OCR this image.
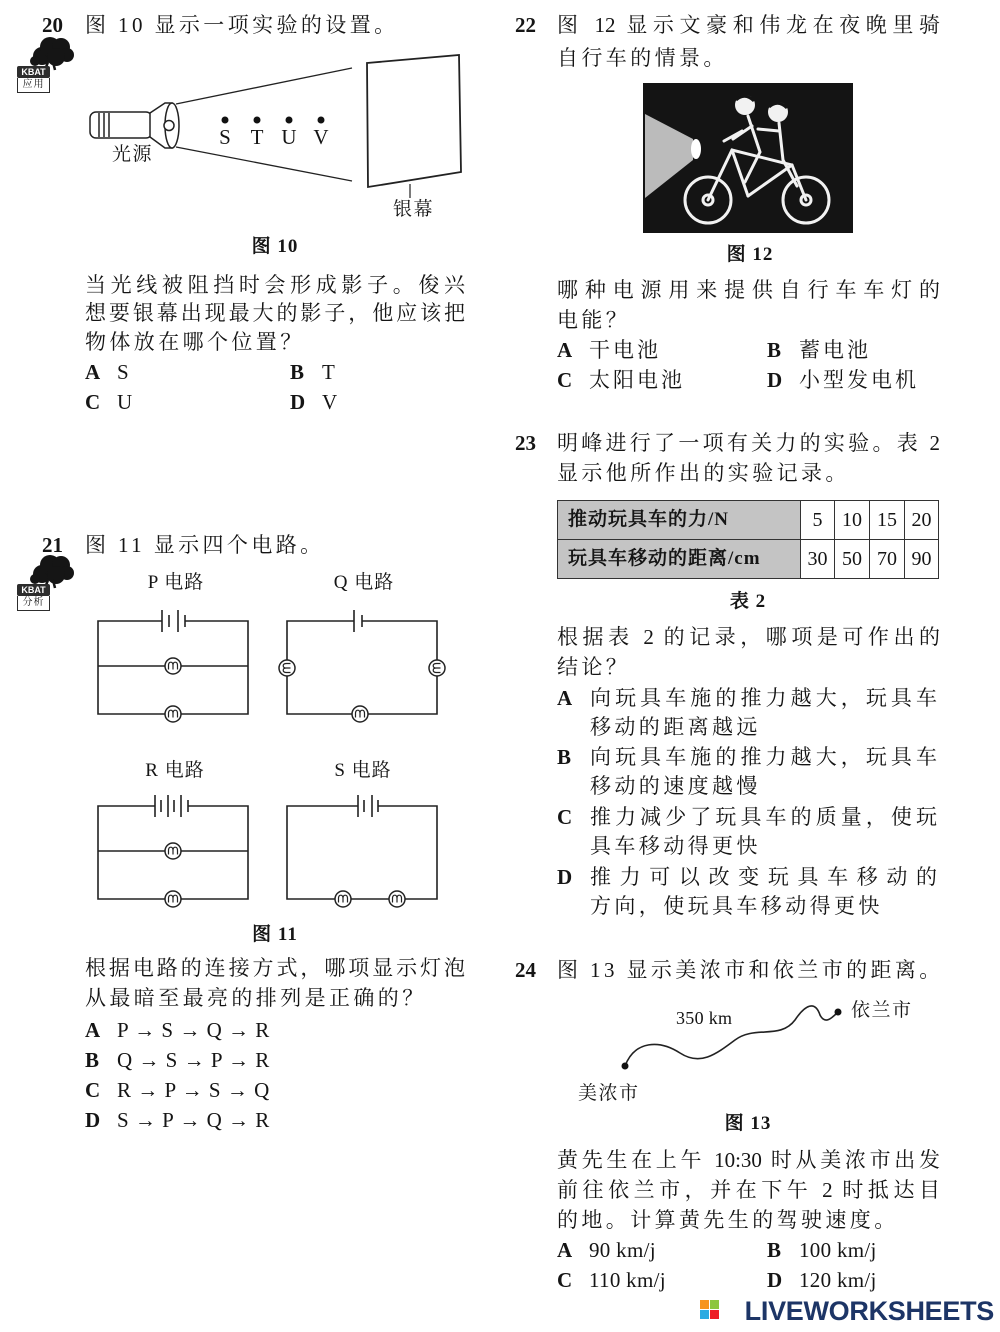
S T U V
20 图 10 显示一项实验的设置。
KBAT
应用
光源
银幕
图 10
当光线被阻挡时会形成影子。俊兴
想要银幕出现最大的影子，他应该把
物体放在哪个位置？
A S	B T
C U	D V
21 图 11 显示四个电路。
KBAT
分析
P 电路	Q 电路
R 电路	S 电路
图 11
根据电路的连接方式，哪项显示灯泡
从最暗至最亮的排列是正确的？
A P → S → Q → R
B Q → S → P → R
C R → P → S → Q
D S → P → Q → R
22 图 12 显示文豪和伟龙在夜晚里骑
自行车的情景。
图 12
哪种电源用来提供自行车车灯的
电能？
A 干电池	B 蓄电池
C 太阳电池	D 小型发电机
23 明峰进行了一项有关力的实验。表 2
显示他所作出的实验记录。
推动玩具车的力/N	5	10	15	20
玩具车移动的距离/cm	30	50	70	90
表 2
根据表 2 的记录，哪项是可作出的
结论？
A 向玩具车施的推力越大，玩具车
移动的距离越远
B 向玩具车施的推力越大，玩具车
移动的速度越慢
C 推力减少了玩具车的质量，使玩
具车移动得更快
D 推力可以改变玩具车移动的
方向，使玩具车移动得更快
24 图 13 显示美浓市和依兰市的距离。
350 km	依兰市
美浓市
图 13
黄先生在上午 10:30 时从美浓市出发
前往依兰市，并在下午 2 时抵达目
的地。计算黄先生的驾驶速度。
A 90 km/j	B 100 km/j
C 110 km/j	D 120 km/j
LIVEWORKSHEETS
